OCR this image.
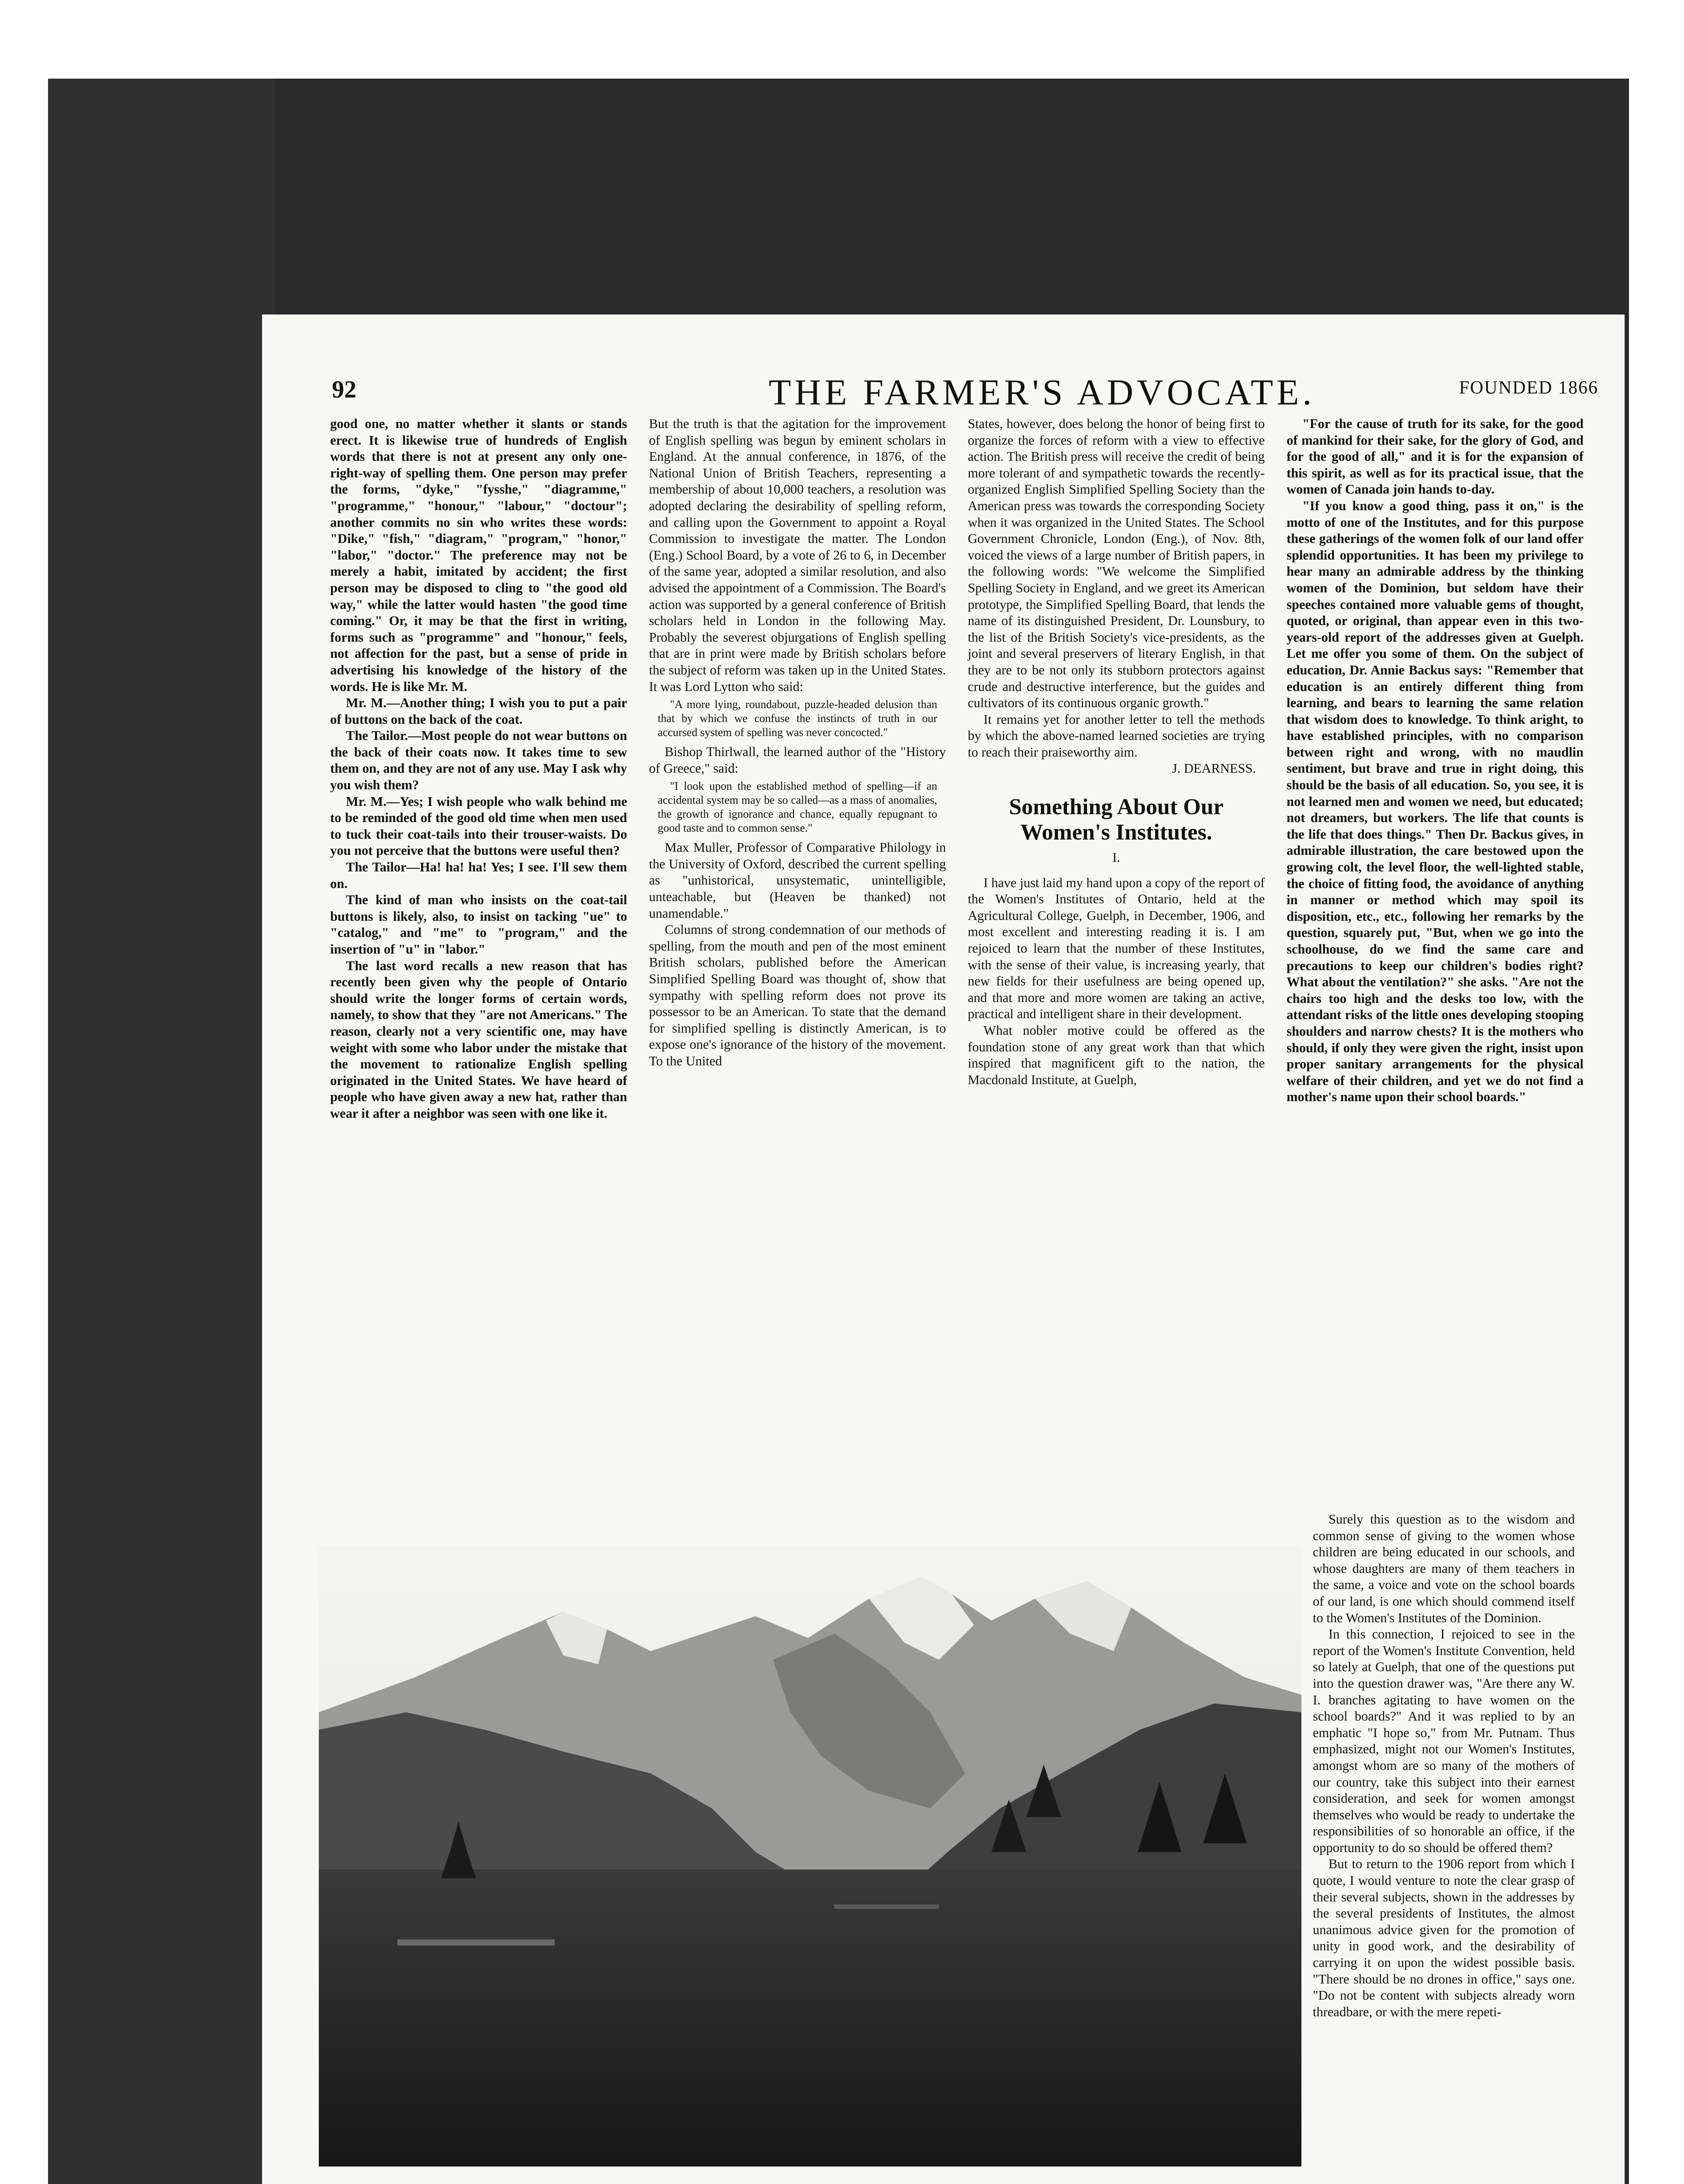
92	THE FARMER'S ADVOCATE.	FOUNDED 1866

good one, no matter whether it slants or stands erect. It is likewise true of hundreds of English words that there is not at present any only one-right-way of spelling them. One person may prefer the forms, "dyke," "fysshe," "diagramme," "programme," "honour," "labour," "doctour"; another commits no sin who writes these words: "Dike," "fish," "diagram," "program," "honor," "labor," "doctor." The preference may not be merely a habit, imitated by accident; the first person may be disposed to cling to "the good old way," while the latter would hasten "the good time coming." Or, it may be that the first in writing, forms such as "programme" and "honour," feels, not affection for the past, but a sense of pride in advertising his knowledge of the history of the words. He is like Mr. M.

Mr. M.—Another thing; I wish you to put a pair of buttons on the back of the coat.

The Tailor.—Most people do not wear buttons on the back of their coats now. It takes time to sew them on, and they are not of any use. May I ask why you wish them?

Mr. M.—Yes; I wish people who walk behind me to be reminded of the good old time when men used to tuck their coat-tails into their trouser-waists. Do you not perceive that the buttons were useful then?

The Tailor—Ha! ha! ha! Yes; I see. I'll sew them on.

The kind of man who insists on the coat-tail buttons is likely, also, to insist on tacking "ue" to "catalog," and "me" to "program," and the insertion of "u" in "labor."

The last word recalls a new reason that has recently been given why the people of Ontario should write the longer forms of certain words, namely, to show that they "are not Americans." The reason, clearly not a very scientific one, may have weight with some who labor under the mistake that the movement to rationalize English spelling originated in the United States. We have heard of people who have given away a new hat, rather than wear it after a neighbor was seen with one like it.

But the truth is that the agitation for the improvement of English spelling was begun by eminent scholars in England. At the annual conference, in 1876, of the National Union of British Teachers, representing a membership of about 10,000 teachers, a resolution was adopted declaring the desirability of spelling reform, and calling upon the Government to appoint a Royal Commission to investigate the matter. The London (Eng.) School Board, by a vote of 26 to 6, in December of the same year, adopted a similar resolution, and also advised the appointment of a Commission. The Board's action was supported by a general conference of British scholars held in London in the following May. Probably the severest objurgations of English spelling that are in print were made by British scholars before the subject of reform was taken up in the United States. It was Lord Lytton who said:

"A more lying, roundabout, puzzle-headed delusion than that by which we confuse the instincts of truth in our accursed system of spelling was never concocted."

Bishop Thirlwall, the learned author of the "History of Greece," said:

"I look upon the established method of spelling—if an accidental system may be so called—as a mass of anomalies, the growth of ignorance and chance, equally repugnant to good taste and to common sense."

Max Muller, Professor of Comparative Philology in the University of Oxford, described the current spelling as "unhistorical, unsystematic, unintelligible, unteachable, but (Heaven be thanked) not unamendable."

Columns of strong condemnation of our methods of spelling, from the mouth and pen of the most eminent British scholars, published before the American Simplified Spelling Board was thought of, show that sympathy with spelling reform does not prove its possessor to be an American. To state that the demand for simplified spelling is distinctly American, is to expose one's ignorance of the history of the movement. To the United

States, however, does belong the honor of being first to organize the forces of reform with a view to effective action. The British press will receive the credit of being more tolerant of and sympathetic towards the recently-organized English Simplified Spelling Society than the American press was towards the corresponding Society when it was organized in the United States. The School Government Chronicle, London (Eng.), of Nov. 8th, voiced the views of a large number of British papers, in the following words: "We welcome the Simplified Spelling Society in England, and we greet its American prototype, the Simplified Spelling Board, that lends the name of its distinguished President, Dr. Lounsbury, to the list of the British Society's vice-presidents, as the joint and several preservers of literary English, in that they are to be not only its stubborn protectors against crude and destructive interference, but the guides and cultivators of its continuous organic growth."

It remains yet for another letter to tell the methods by which the above-named learned societies are trying to reach their praiseworthy aim.

J. DEARNESS.

Something About Our Women's Institutes.
I.

I have just laid my hand upon a copy of the report of the Women's Institutes of Ontario, held at the Agricultural College, Guelph, in December, 1906, and most excellent and interesting reading it is. I am rejoiced to learn that the number of these Institutes, with the sense of their value, is increasing yearly, that new fields for their usefulness are being opened up, and that more and more women are taking an active, practical and intelligent share in their development.

What nobler motive could be offered as the foundation stone of any great work than that which inspired that magnificent gift to the nation, the Macdonald Institute, at Guelph,

"For the cause of truth for its sake, for the good of mankind for their sake, for the glory of God, and for the good of all," and it is for the expansion of this spirit, as well as for its practical issue, that the women of Canada join hands to-day.

"If you know a good thing, pass it on," is the motto of one of the Institutes, and for this purpose these gatherings of the women folk of our land offer splendid opportunities. It has been my privilege to hear many an admirable address by the thinking women of the Dominion, but seldom have their speeches contained more valuable gems of thought, quoted, or original, than appear even in this two-years-old report of the addresses given at Guelph. Let me offer you some of them. On the subject of education, Dr. Annie Backus says: "Remember that education is an entirely different thing from learning, and bears to learning the same relation that wisdom does to knowledge. To think aright, to have established principles, with no comparison between right and wrong, with no maudlin sentiment, but brave and true in right doing, this should be the basis of all education. So, you see, it is not learned men and women we need, but educated; not dreamers, but workers. The life that counts is the life that does things." Then Dr. Backus gives, in admirable illustration, the care bestowed upon the growing colt, the level floor, the well-lighted stable, the choice of fitting food, the avoidance of anything in manner or method which may spoil its disposition, etc., etc., following her remarks by the question, squarely put, "But, when we go into the schoolhouse, do we find the same care and precautions to keep our children's bodies right? What about the ventilation?" she asks. "Are not the chairs too high and the desks too low, with the attendant risks of the little ones developing stooping shoulders and narrow chests? It is the mothers who should, if only they were given the right, insist upon proper sanitary arrangements for the physical welfare of their children, and yet we do not find a mother's name upon their school boards."

Surely this question as to the wisdom and common sense of giving to the women whose children are being educated in our schools, and whose daughters are many of them teachers in the same, a voice and vote on the school boards of our land, is one which should commend itself to the Women's Institutes of the Dominion.

In this connection, I rejoiced to see in the report of the Women's Institute Convention, held so lately at Guelph, that one of the questions put into the question drawer was, "Are there any W. I. branches agitating to have women on the school boards?" And it was replied to by an emphatic "I hope so," from Mr. Putnam. Thus emphasized, might not our Women's Institutes, amongst whom are so many of the mothers of our country, take this subject into their earnest consideration, and seek for women amongst themselves who would be ready to undertake the responsibilities of so honorable an office, if the opportunity to do so should be offered them?

But to return to the 1906 report from which I quote, I would venture to note the clear grasp of their several subjects, shown in the addresses by the several presidents of Institutes, the almost unanimous advice given for the promotion of unity in good work, and the desirability of carrying it on upon the widest possible basis. "There should be no drones in office," says one. "Do not be content with subjects already worn threadbare, or with the mere repeti-
